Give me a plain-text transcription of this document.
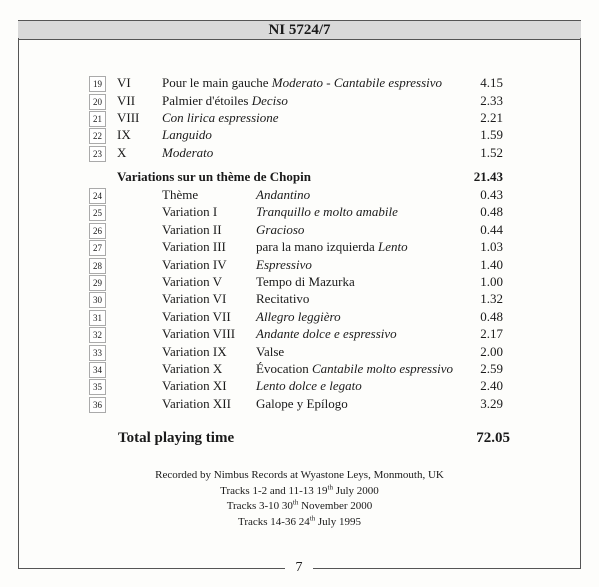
NI 5724/7
7
19	VI Pour le main gauche Moderato - Cantabile espressivo	4.15
20	VII Palmier d'étoiles Deciso	2.33
21	VIII Con lirica espressione	2.21
22	IX Languido	1.59
23	X	Moderato	1.52
Variations sur un thème de Chopin	21.43
24	Thème	Andantino	0.43
25	Variation I	Tranquillo e molto amabile	0.48
26	Variation II	Gracioso	0.44
27	Variation III para la mano izquierda Lento	1.03
28	Variation IV Espressivo	1.40
29	Variation V	Tempo di Mazurka	1.00
30	Variation VI Recitativo	1.32
31	Variation VII Allegro leggièro	0.48
32	Variation VIII Andante dolce e espressivo	2.17
33	Variation IX Valse	2.00
34	Variation X	Évocation Cantabile molto espressivo	2.59
35	Variation XI Lento dolce e legato	2.40
36	Variation XII Galope y Epílogo	3.29
Total playing time	72.05
Recorded by Nimbus Records at Wyastone Leys, Monmouth, UK
Tracks 1-2 and 11-13 19th July 2000
Tracks 3-10 30th November 2000
Tracks 14-36 24th July 1995
